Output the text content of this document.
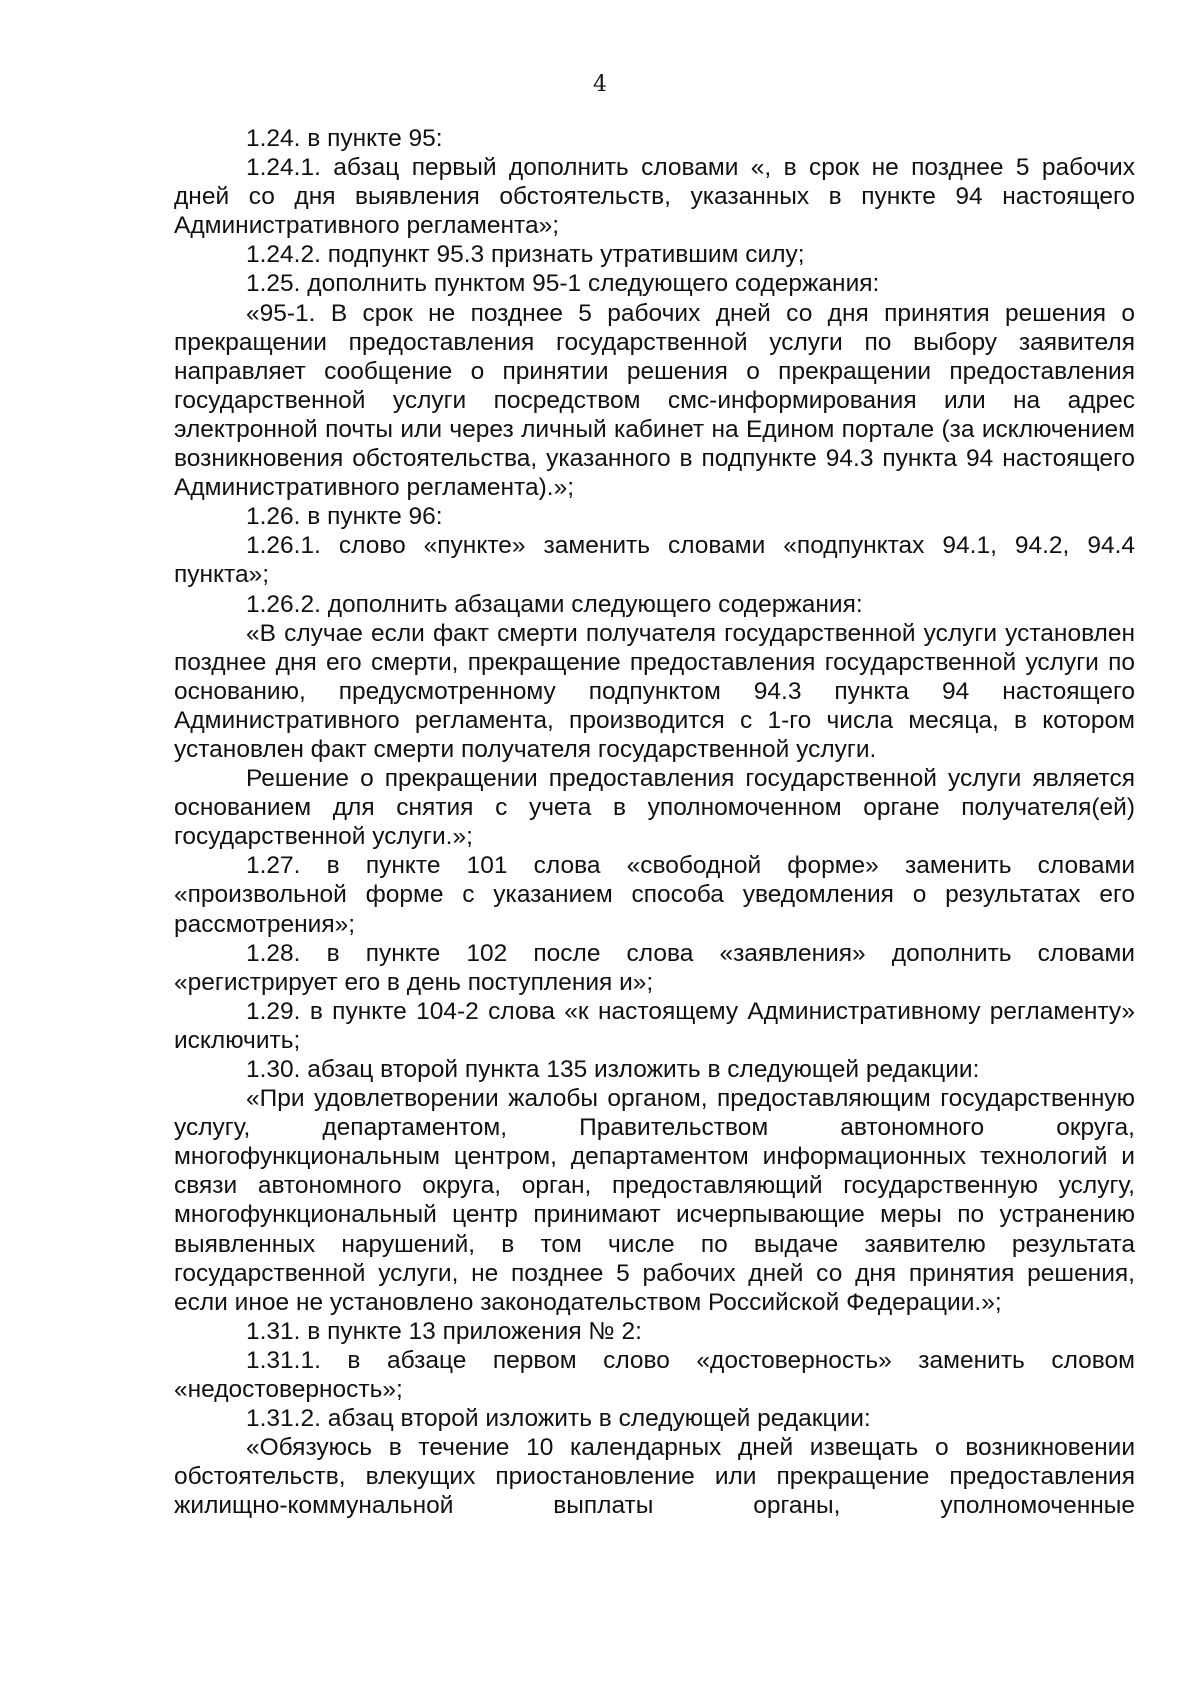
4

1.24. в пункте 95:

1.24.1. абзац первый дополнить словами «, в срок не позднее 5 рабочих дней со дня выявления обстоятельств, указанных в пункте 94 настоящего Административного регламента»;

1.24.2. подпункт 95.3 признать утратившим силу;

1.25. дополнить пунктом 95-1 следующего содержания:

«95-1. В срок не позднее 5 рабочих дней со дня принятия решения о прекращении предоставления государственной услуги по выбору заявителя направляет сообщение о принятии решения о прекращении предоставления государственной услуги посредством смс-информирования или на адрес электронной почты или через личный кабинет на Едином портале (за исключением возникновения обстоятельства, указанного в подпункте 94.3 пункта 94 настоящего Административного регламента).»;

1.26. в пункте 96:

1.26.1. слово «пункте» заменить словами «подпунктах 94.1, 94.2, 94.4 пункта»;

1.26.2. дополнить абзацами следующего содержания:

«В случае если факт смерти получателя государственной услуги установлен позднее дня его смерти, прекращение предоставления государственной услуги по основанию, предусмотренному подпунктом 94.3 пункта 94 настоящего Административного регламента, производится с 1-го числа месяца, в котором установлен факт смерти получателя государственной услуги.

Решение о прекращении предоставления государственной услуги является основанием для снятия с учета в уполномоченном органе получателя(ей) государственной услуги.»;

1.27. в пункте 101 слова «свободной форме» заменить словами «произвольной форме с указанием способа уведомления о результатах его рассмотрения»;

1.28. в пункте 102 после слова «заявления» дополнить словами «регистрирует его в день поступления и»;

1.29. в пункте 104-2 слова «к настоящему Административному регламенту» исключить;

1.30. абзац второй пункта 135 изложить в следующей редакции:

«При удовлетворении жалобы органом, предоставляющим государственную услугу, департаментом, Правительством автономного округа, многофункциональным центром, департаментом информационных технологий и связи автономного округа, орган, предоставляющий государственную услугу, многофункциональный центр принимают исчерпывающие меры по устранению выявленных нарушений, в том числе по выдаче заявителю результата государственной услуги, не позднее 5 рабочих дней со дня принятия решения, если иное не установлено законодательством Российской Федерации.»;

1.31. в пункте 13 приложения № 2:

1.31.1. в абзаце первом слово «достоверность» заменить словом «недостоверность»;

1.31.2. абзац второй изложить в следующей редакции:

«Обязуюсь в течение 10 календарных дней извещать о возникновении обстоятельств, влекущих приостановление или прекращение предоставления жилищно-коммунальной выплаты органы, уполномоченные
